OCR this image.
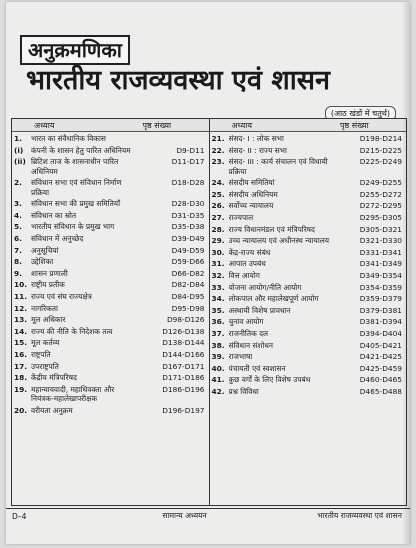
अनुक्रमणिका
भारतीय राजव्यवस्था एवं शासन
(आठ खंडों में चतुर्थ)
अध्याय	पृष्ठ संख्या
1.	भारत का संवैधानिक विकास
(i)	कंपनी के शासन हेतु पारित अधिनियम	D9-D11
(ii) ब्रिटिश ताज के शासनाधीन पारित अधिनियम
D11-D17
2.	संविधान सभा एवं संविधान निर्माण प्रक्रिया
D18-D28
3.	संविधान सभा की प्रमुख समितियाँ	D28-D30
4.	संविधान का स्रोत	D31-D35
5.	भारतीय संविधान के प्रमुख भाग	D35-D38
6.	संविधान में अनुच्छेद	D39-D49
7.	अनुसूचियां	D49-D59
8.	उद्देशिका	D59-D66
9.	शासन प्रणाली	D66-D82
10. राष्ट्रीय प्रतीक	D82-D84
11. राज्य एवं संघ राज्यक्षेत्र	D84-D95
12. नागरिकता	D95-D98
13. मूल अधिकार	D98-D126
14. राज्य की नीति के निदेशक तत्व	D126-D138
15. मूल कर्तव्य	D138-D144
16. राष्ट्रपति	D144-D166
17. उपराष्ट्रपति	D167-D171
18. केंद्रीय मंत्रिपरिषद	D171-D186
19. महान्यायवादी, महाधिवक्ता और नियंत्रक-महालेखापरीक्षक
D186-D196
20. वरीयता अनुक्रम	D196-D197
अध्याय	पृष्ठ संख्या
21. संसद- I : लोक सभा	D198-D214
22. संसद- II : राज्य सभा	D215-D225
23. संसद- III : कार्य संचालन एवं विधायी प्रक्रिया
D225-D249
24. संसदीय समितियां	D249-D255
25. संसदीय अधिनियम	D255-D272
26. सर्वोच्च न्यायालय	D272-D295
27. राज्यपाल	D295-D305
28. राज्य विधानमंडल एवं मंत्रिपरिषद	D305-D321
29. उच्च न्यायालय एवं अधीनस्थ न्यायालय	D321-D330
30. केंद्र-राज्य संबंध	D331-D341
31. आपात उपबंध	D341-D349
32. वित्त आयोग	D349-D354
33. योजना आयोग/नीति आयोग	D354-D359
34. लोकपाल और महालेखपूर्ण आयोग	D359-D379
35. अस्थायी विशेष प्रावधान	D379-D381
36. चुनाव आयोग	D381-D394
37. राजनीतिक दल	D394-D404
38. संविधान संशोधन	D405-D421
39. राजभाषा	D421-D425
40. पंचायती एवं स्वशासन	D425-D459
41. कुछ वर्गों के लिए विशेष उपबंध	D460-D465
42. प्रश्न विविधा	D465-D488
D–4	सामान्य अध्ययन	भारतीय राजव्यवस्था एवं शासन
